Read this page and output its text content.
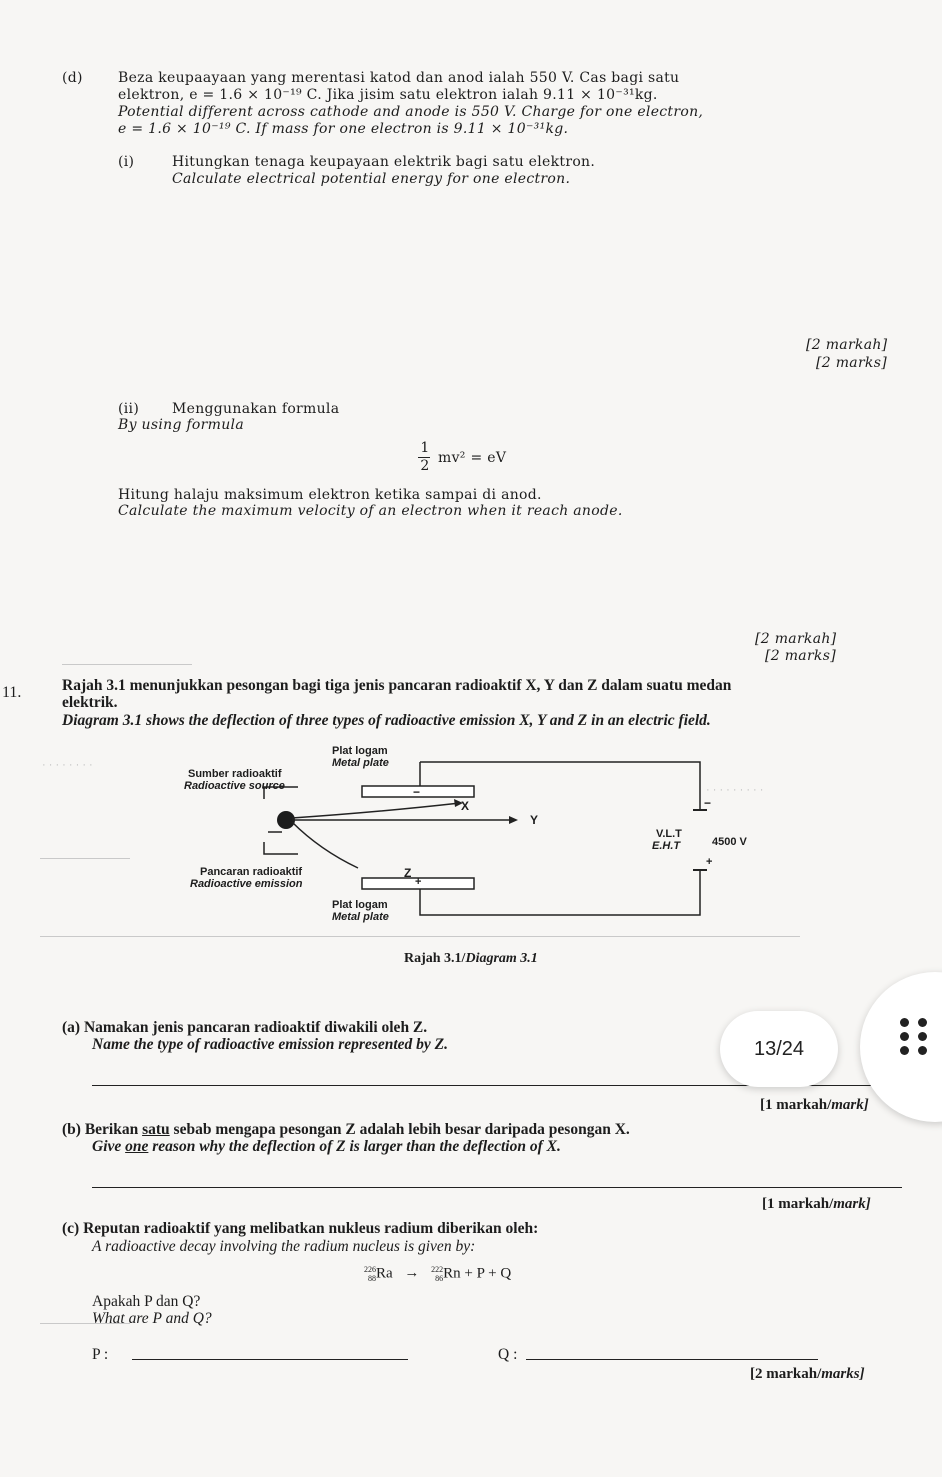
(d)	Beza keupaayaan yang merentasi katod dan anod ialah 550 V. Cas bagi satu
elektron, e = 1.6 × 10⁻¹⁹ C. Jika jisim satu elektron ialah 9.11 × 10⁻³¹kg.
Potential different across cathode and anode is 550 V. Charge for one electron,
e = 1.6 × 10⁻¹⁹ C. If mass for one electron is 9.11 × 10⁻³¹kg.
(i)	Hitungkan tenaga keupayaan elektrik bagi satu elektron.
Calculate electrical potential energy for one electron.
[2 markah]
[2 marks]
(ii) Menggunakan formula
By using formula
1
2 mv² = eV
Hitung halaju maksimum elektron ketika sampai di anod.
Calculate the maximum velocity of an electron when it reach anode.
[2 markah]
[2 marks]
· · · · · · · ·
· · · · · · · · ·
11.	Rajah 3.1 menunjukkan pesongan bagi tiga jenis pancaran radioaktif X, Y dan Z dalam suatu medan
elektrik.
Diagram 3.1 shows the deflection of three types of radioactive emission X, Y and Z in an electric field.
Plat logam
Metal plate
Sumber radioaktif
Radioactive source	−
X
Y
Z
+
Pancaran radioaktif
Radioactive emission
Plat logam
Metal plate
V.L.T
E.H.T	4500 V
−
+
Rajah 3.1/Diagram 3.1
(a) Namakan jenis pancaran radioaktif diwakili oleh Z.
Name the type of radioactive emission represented by Z.
[1 markah/mark]
(b) Berikan satu sebab mengapa pesongan Z adalah lebih besar daripada pesongan X.
Give one reason why the deflection of Z is larger than the deflection of X.
[1 markah/mark]
(c) Reputan radioaktif yang melibatkan nukleus radium diberikan oleh:
A radioactive decay involving the radium nucleus is given by:
226
88Ra → 222
86Rn + P + Q
Apakah P dan Q?
What are P and Q?
P :	Q :
[2 markah/marks]
13/24
